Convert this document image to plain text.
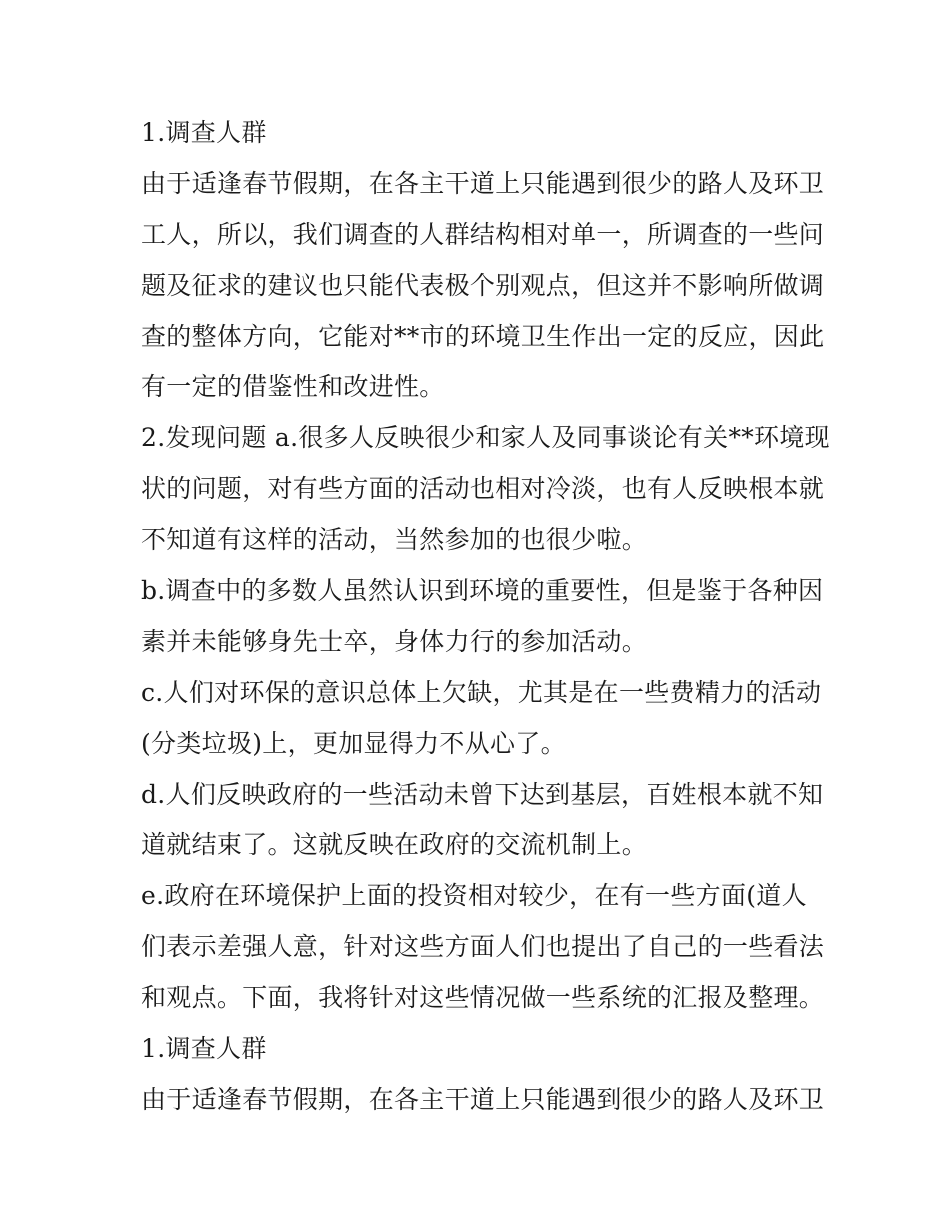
1.调查人群
由于适逢春节假期，在各主干道上只能遇到很少的路人及环卫
工人，所以，我们调查的人群结构相对单一，所调查的一些问
题及征求的建议也只能代表极个别观点，但这并不影响所做调
查的整体方向，它能对**市的环境卫生作出一定的反应，因此
有一定的借鉴性和改进性。
2.发现问题 a.很多人反映很少和家人及同事谈论有关**环境现
状的问题，对有些方面的活动也相对冷淡，也有人反映根本就
不知道有这样的活动，当然参加的也很少啦。
b.调查中的多数人虽然认识到环境的重要性，但是鉴于各种因
素并未能够身先士卒，身体力行的参加活动。
c.人们对环保的意识总体上欠缺，尤其是在一些费精力的活动
(分类垃圾)上，更加显得力不从心了。
d.人们反映政府的一些活动未曾下达到基层，百姓根本就不知
道就结束了。这就反映在政府的交流机制上。
e.政府在环境保护上面的投资相对较少，在有一些方面(道人
们表示差强人意，针对这些方面人们也提出了自己的一些看法
和观点。下面，我将针对这些情况做一些系统的汇报及整理。
1.调查人群
由于适逢春节假期，在各主干道上只能遇到很少的路人及环卫
